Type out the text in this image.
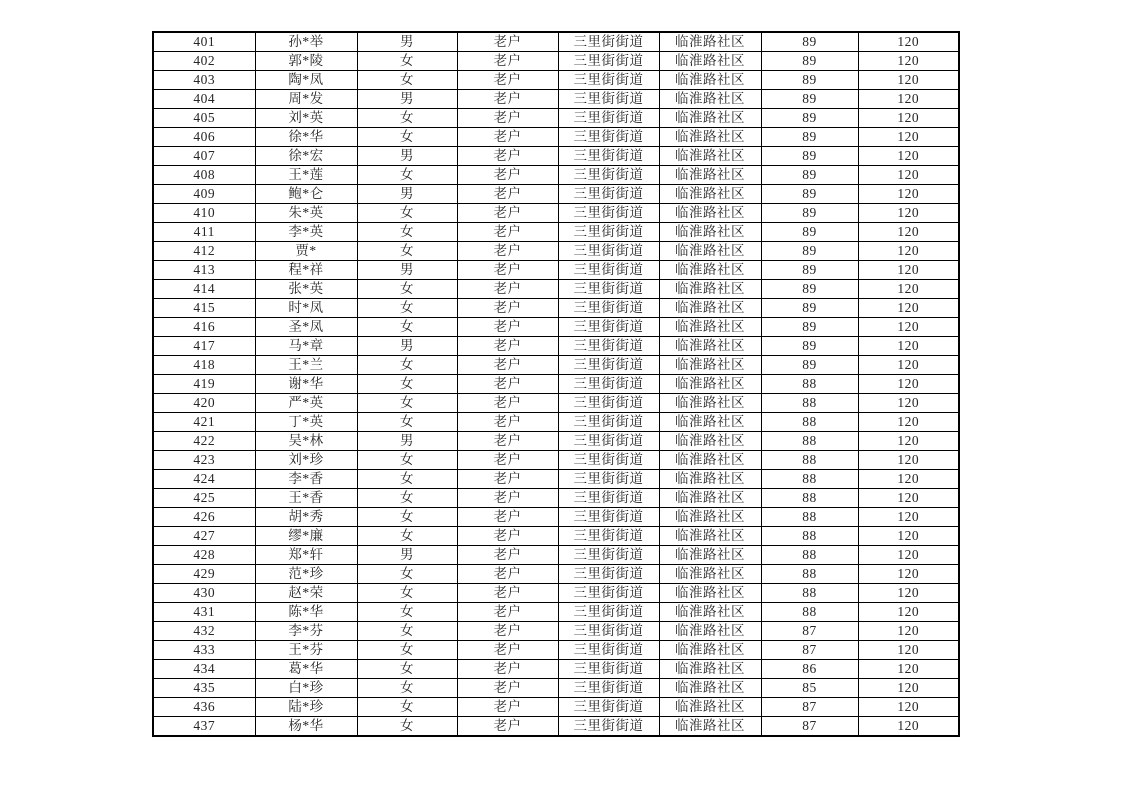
401	孙*举	男	老户	三里街街道	临淮路社区	89	120
402	郭*陵	女	老户	三里街街道	临淮路社区	89	120
403	陶*凤	女	老户	三里街街道	临淮路社区	89	120
404	周*发	男	老户	三里街街道	临淮路社区	89	120
405	刘*英	女	老户	三里街街道	临淮路社区	89	120
406	徐*华	女	老户	三里街街道	临淮路社区	89	120
407	徐*宏	男	老户	三里街街道	临淮路社区	89	120
408	王*莲	女	老户	三里街街道	临淮路社区	89	120
409	鲍*仑	男	老户	三里街街道	临淮路社区	89	120
410	朱*英	女	老户	三里街街道	临淮路社区	89	120
411	李*英	女	老户	三里街街道	临淮路社区	89	120
412	贾*	女	老户	三里街街道	临淮路社区	89	120
413	程*祥	男	老户	三里街街道	临淮路社区	89	120
414	张*英	女	老户	三里街街道	临淮路社区	89	120
415	时*凤	女	老户	三里街街道	临淮路社区	89	120
416	圣*凤	女	老户	三里街街道	临淮路社区	89	120
417	马*章	男	老户	三里街街道	临淮路社区	89	120
418	王*兰	女	老户	三里街街道	临淮路社区	89	120
419	谢*华	女	老户	三里街街道	临淮路社区	88	120
420	严*英	女	老户	三里街街道	临淮路社区	88	120
421	丁*英	女	老户	三里街街道	临淮路社区	88	120
422	吴*林	男	老户	三里街街道	临淮路社区	88	120
423	刘*珍	女	老户	三里街街道	临淮路社区	88	120
424	李*香	女	老户	三里街街道	临淮路社区	88	120
425	王*香	女	老户	三里街街道	临淮路社区	88	120
426	胡*秀	女	老户	三里街街道	临淮路社区	88	120
427	缪*廉	女	老户	三里街街道	临淮路社区	88	120
428	郑*轩	男	老户	三里街街道	临淮路社区	88	120
429	范*珍	女	老户	三里街街道	临淮路社区	88	120
430	赵*荣	女	老户	三里街街道	临淮路社区	88	120
431	陈*华	女	老户	三里街街道	临淮路社区	88	120
432	李*芬	女	老户	三里街街道	临淮路社区	87	120
433	王*芬	女	老户	三里街街道	临淮路社区	87	120
434	葛*华	女	老户	三里街街道	临淮路社区	86	120
435	白*珍	女	老户	三里街街道	临淮路社区	85	120
436	陆*珍	女	老户	三里街街道	临淮路社区	87	120
437	杨*华	女	老户	三里街街道	临淮路社区	87	120
